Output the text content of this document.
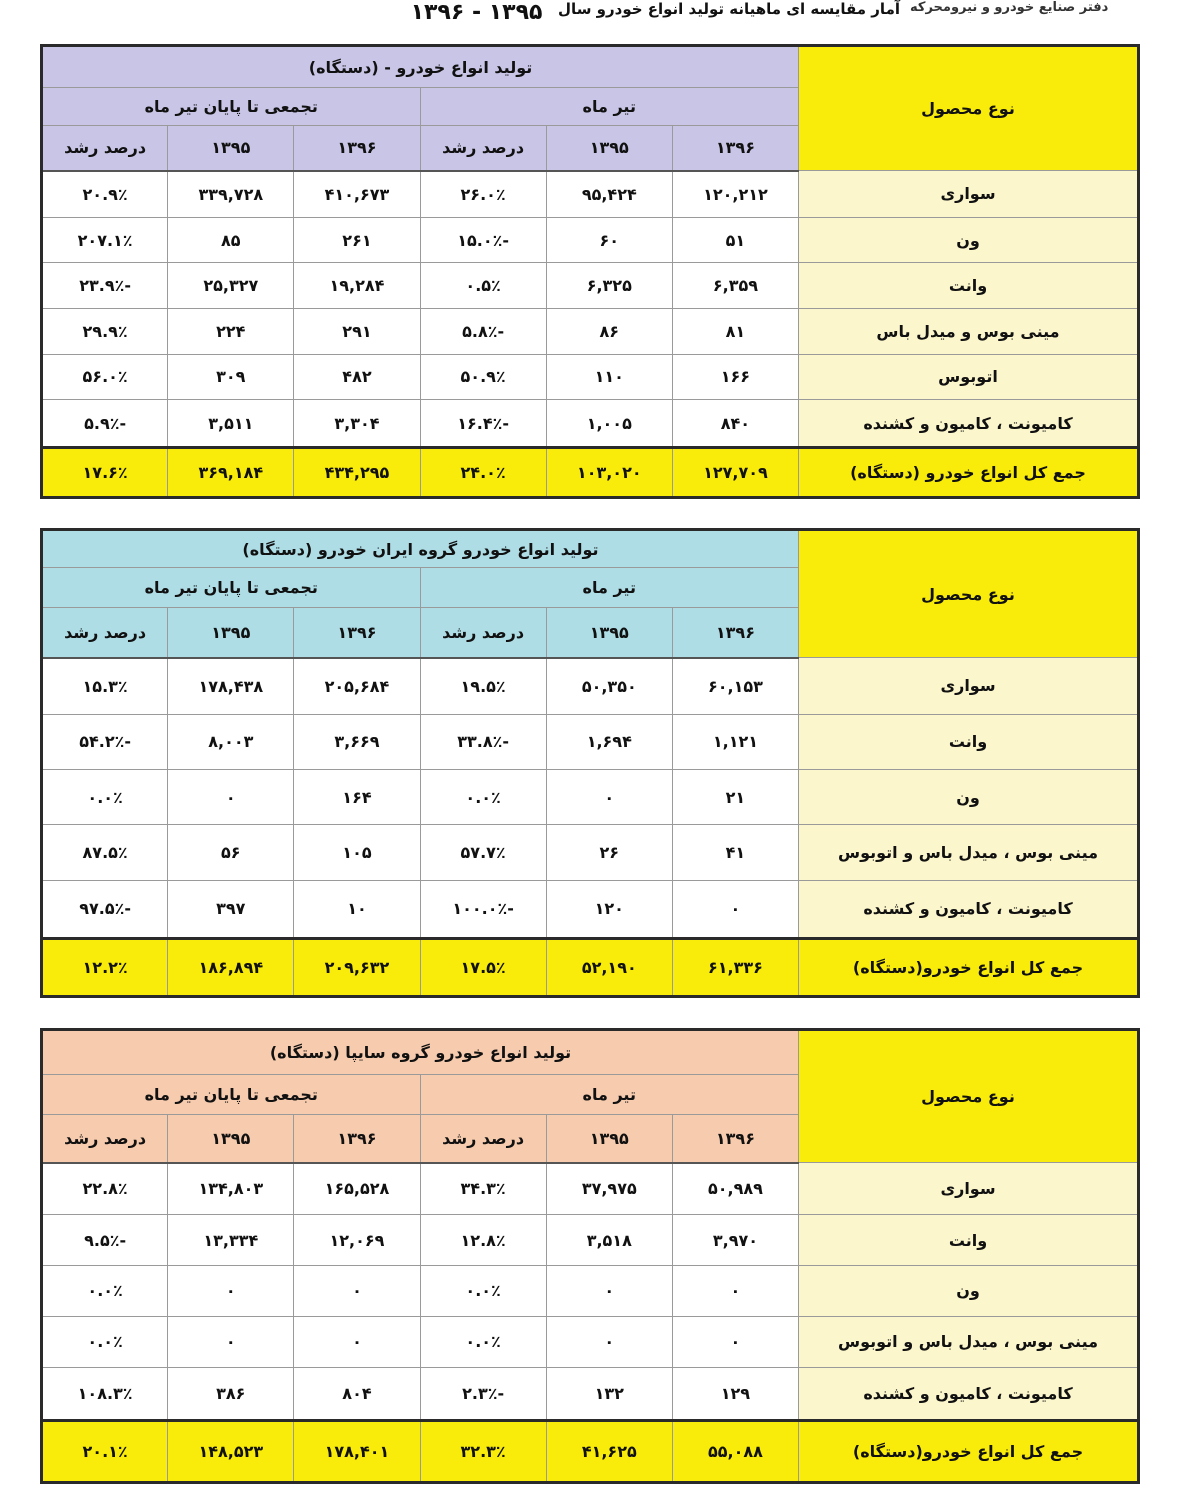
آمار مقایسه ای ماهیانه تولید انواع خودرو سال ۱۳۹۵ - ۱۳۹۶	دفتر صنایع خودرو و نیرومحرکه
نوع محصول	تولید انواع خودرو - (دستگاه)					
	تیر ماه			تجمعی تا پایان تیر ماه		
	۱۳۹۶	۱۳۹۵	درصد رشد	۱۳۹۶	۱۳۹۵	درصد رشد
سواری	۱۲۰,۲۱۲	۹۵,۴۲۴	۲۶.۰٪	۴۱۰,۶۷۳	۳۳۹,۷۲۸	۲۰.۹٪
ون	۵۱	۶۰	-۱۵.۰٪	۲۶۱	۸۵	۲۰۷.۱٪
وانت	۶,۳۵۹	۶,۳۲۵	۰.۵٪	۱۹,۲۸۴	۲۵,۳۲۷	-۲۳.۹٪
مینی بوس و میدل باس	۸۱	۸۶	-۵.۸٪	۲۹۱	۲۲۴	۲۹.۹٪
اتوبوس	۱۶۶	۱۱۰	۵۰.۹٪	۴۸۲	۳۰۹	۵۶.۰٪
کامیونت ، کامیون و کشنده	۸۴۰	۱,۰۰۵	-۱۶.۴٪	۳,۳۰۴	۳,۵۱۱	-۵.۹٪
جمع کل انواع خودرو (دستگاه)	۱۲۷,۷۰۹	۱۰۳,۰۲۰	۲۴.۰٪	۴۳۴,۲۹۵	۳۶۹,۱۸۴	۱۷.۶٪
نوع محصول	تولید انواع خودرو گروه ایران خودرو (دستگاه)					
	تیر ماه			تجمعی تا پایان تیر ماه		
	۱۳۹۶	۱۳۹۵	درصد رشد	۱۳۹۶	۱۳۹۵	درصد رشد
سواری	۶۰,۱۵۳	۵۰,۳۵۰	۱۹.۵٪	۲۰۵,۶۸۴	۱۷۸,۴۳۸	۱۵.۳٪
وانت	۱,۱۲۱	۱,۶۹۴	-۳۳.۸٪	۳,۶۶۹	۸,۰۰۳	-۵۴.۲٪
ون	۲۱	۰	۰.۰٪	۱۶۴	۰	۰.۰٪
مینی بوس ، میدل باس و اتوبوس	۴۱	۲۶	۵۷.۷٪	۱۰۵	۵۶	۸۷.۵٪
کامیونت ، کامیون و کشنده	۰	۱۲۰	-۱۰۰.۰٪	۱۰	۳۹۷	-۹۷.۵٪
جمع کل انواع خودرو(دستگاه)	۶۱,۳۳۶	۵۲,۱۹۰	۱۷.۵٪	۲۰۹,۶۳۲	۱۸۶,۸۹۴	۱۲.۲٪
نوع محصول	تولید انواع خودرو گروه سایپا (دستگاه)					
	تیر ماه			تجمعی تا پایان تیر ماه		
	۱۳۹۶	۱۳۹۵	درصد رشد	۱۳۹۶	۱۳۹۵	درصد رشد
سواری	۵۰,۹۸۹	۳۷,۹۷۵	۳۴.۳٪	۱۶۵,۵۲۸	۱۳۴,۸۰۳	۲۲.۸٪
وانت	۳,۹۷۰	۳,۵۱۸	۱۲.۸٪	۱۲,۰۶۹	۱۳,۳۳۴	-۹.۵٪
ون	۰	۰	۰.۰٪	۰	۰	۰.۰٪
مینی بوس ، میدل باس و اتوبوس	۰	۰	۰.۰٪	۰	۰	۰.۰٪
کامیونت ، کامیون و کشنده	۱۲۹	۱۳۲	-۲.۳٪	۸۰۴	۳۸۶	۱۰۸.۳٪
جمع کل انواع خودرو(دستگاه)	۵۵,۰۸۸	۴۱,۶۲۵	۳۲.۳٪	۱۷۸,۴۰۱	۱۴۸,۵۲۳	۲۰.۱٪
